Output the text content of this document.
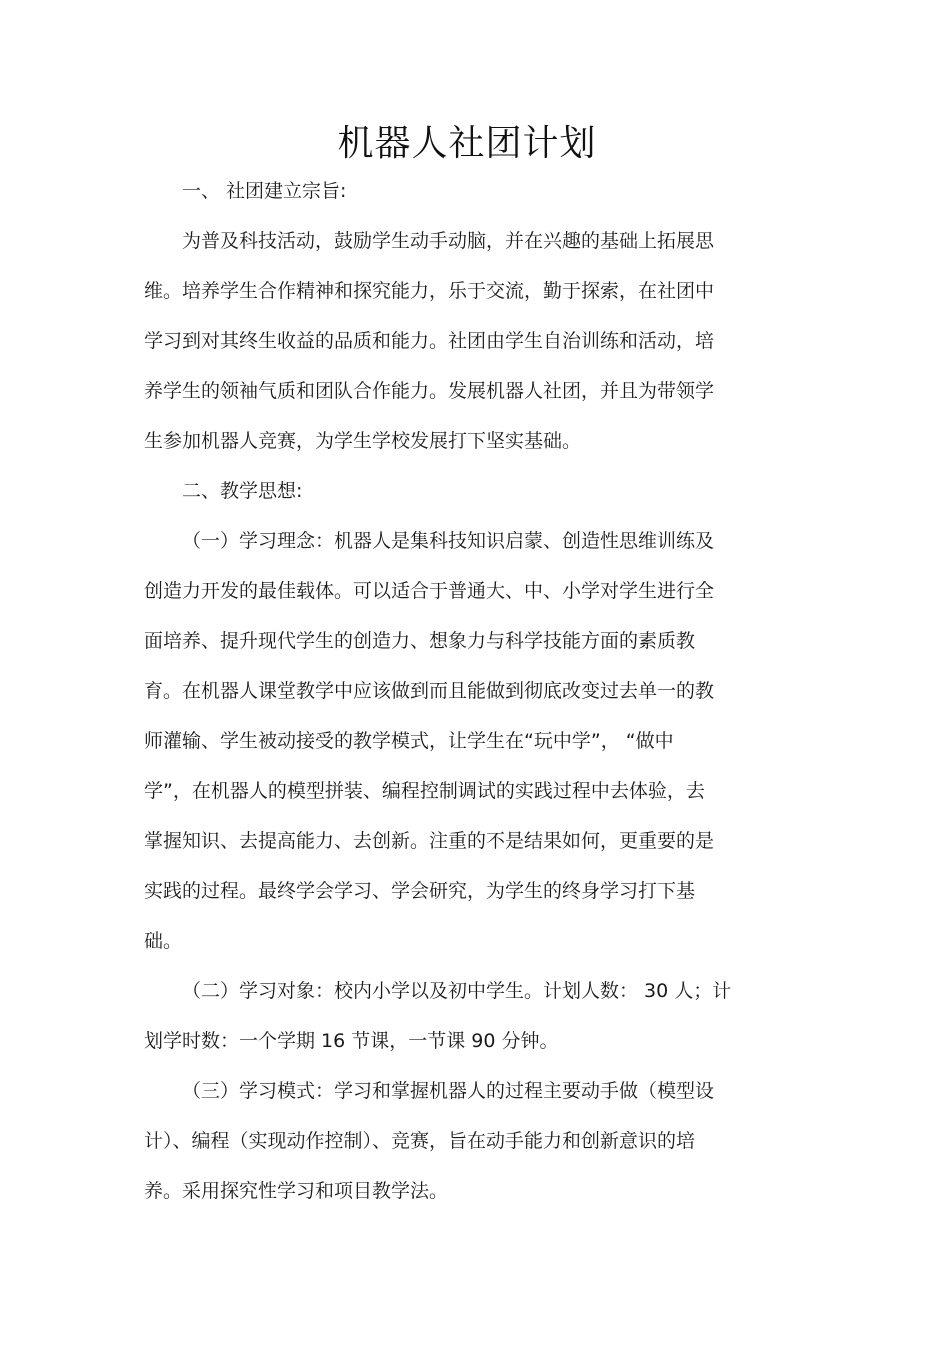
机器人社团计划
一、 社团建立宗旨:
为普及科技活动，鼓励学生动手动脑，并在兴趣的基础上拓展思
维。培养学生合作精神和探究能力，乐于交流，勤于探索，在社团中
学习到对其终生收益的品质和能力。社团由学生自治训练和活动，培
养学生的领袖气质和团队合作能力。发展机器人社团，并且为带领学
生参加机器人竞赛，为学生学校发展打下坚实基础。
二、教学思想:
（一）学习理念：机器人是集科技知识启蒙、创造性思维训练及
创造力开发的最佳载体。可以适合于普通大、中、小学对学生进行全
面培养、提升现代学生的创造力、想象力与科学技能方面的素质教
育。在机器人课堂教学中应该做到而且能做到彻底改变过去单一的教
师灌输、学生被动接受的教学模式，让学生在“玩中学”， “做中
学”，在机器人的模型拼装、编程控制调试的实践过程中去体验，去
掌握知识、去提高能力、去创新。注重的不是结果如何，更重要的是
实践的过程。最终学会学习、学会研究，为学生的终身学习打下基
础。
（二）学习对象：校内小学以及初中学生。计划人数： 30 人；计
划学时数：一个学期 16 节课，一节课 90 分钟。
（三）学习模式：学习和掌握机器人的过程主要动手做（模型设
计）、编程（实现动作控制）、竞赛，旨在动手能力和创新意识的培
养。采用探究性学习和项目教学法。
